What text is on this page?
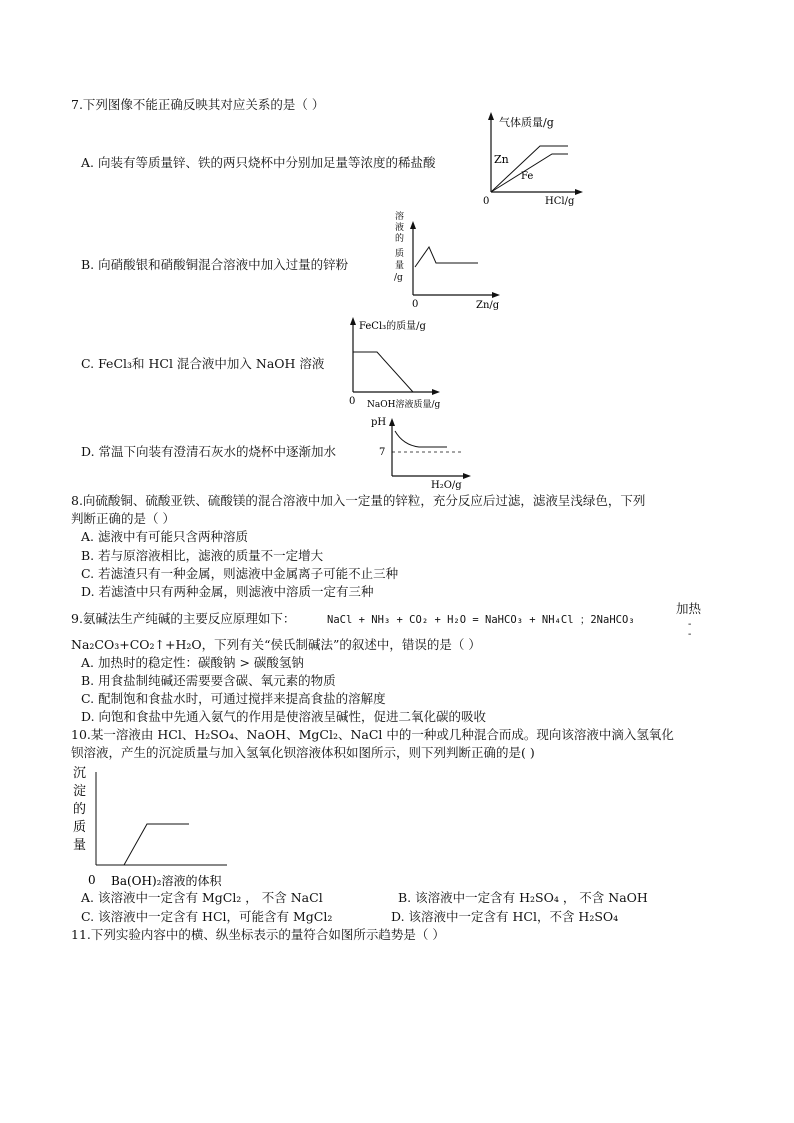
7.下列图像不能正确反映其对应关系的是（ ）
A. 向装有等质量锌、铁的两只烧杯中分别加足量等浓度的稀盐酸
气体质量/g
Zn
Fe
0	HCl/g
B. 向硝酸银和硝酸铜混合溶液中加入过量的锌粉
溶
液
的
质
量
/g
0	Zn/g
C. FeCl₃和 HCl 混合液中加入 NaOH 溶液
FeCl₃的质量/g
0 NaOH溶液质量/g
D. 常温下向装有澄清石灰水的烧杯中逐渐加水
pH
7
H₂O/g
8.向硫酸铜、硫酸亚铁、硫酸镁的混合溶液中加入一定量的锌粒，充分反应后过滤，滤液呈浅绿色，下列
判断正确的是（ ）
A. 滤液中有可能只含两种溶质
B. 若与原溶液相比，滤液的质量不一定增大
C. 若滤渣只有一种金属，则滤液中金属离子可能不止三种
D. 若滤渣中只有两种金属，则滤液中溶质一定有三种
9.氨碱法生产纯碱的主要反应原理如下：	NaCl + NH₃ + CO₂ + H₂O = NaHCO₃ + NH₄Cl ；2NaHCO₃
加热
-
-
Na₂CO₃+CO₂↑+H₂O，下列有关“侯氏制碱法”的叙述中，错误的是（ ）
A. 加热时的稳定性：碳酸钠 > 碳酸氢钠
B. 用食盐制纯碱还需要要含碳、氧元素的物质
C. 配制饱和食盐水时，可通过搅拌来提高食盐的溶解度
D. 向饱和食盐中先通入氨气的作用是使溶液呈碱性，促进二氧化碳的吸收
10.某一溶液由 HCl、H₂SO₄、NaOH、MgCl₂、NaCl 中的一种或几种混合而成。现向该溶液中滴入氢氧化
钡溶液，产生的沉淀质量与加入氢氧化钡溶液体积如图所示，则下列判断正确的是( )
沉
淀
的
质
量
0 Ba(OH)₂溶液的体积
A. 该溶液中一定含有 MgCl₂ ， 不含 NaCl	B. 该溶液中一定含有 H₂SO₄ ， 不含 NaOH
C. 该溶液中一定含有 HCl，可能含有 MgCl₂	D. 该溶液中一定含有 HCl，不含 H₂SO₄
11.下列实验内容中的横、纵坐标表示的量符合如图所示趋势是（ ）
